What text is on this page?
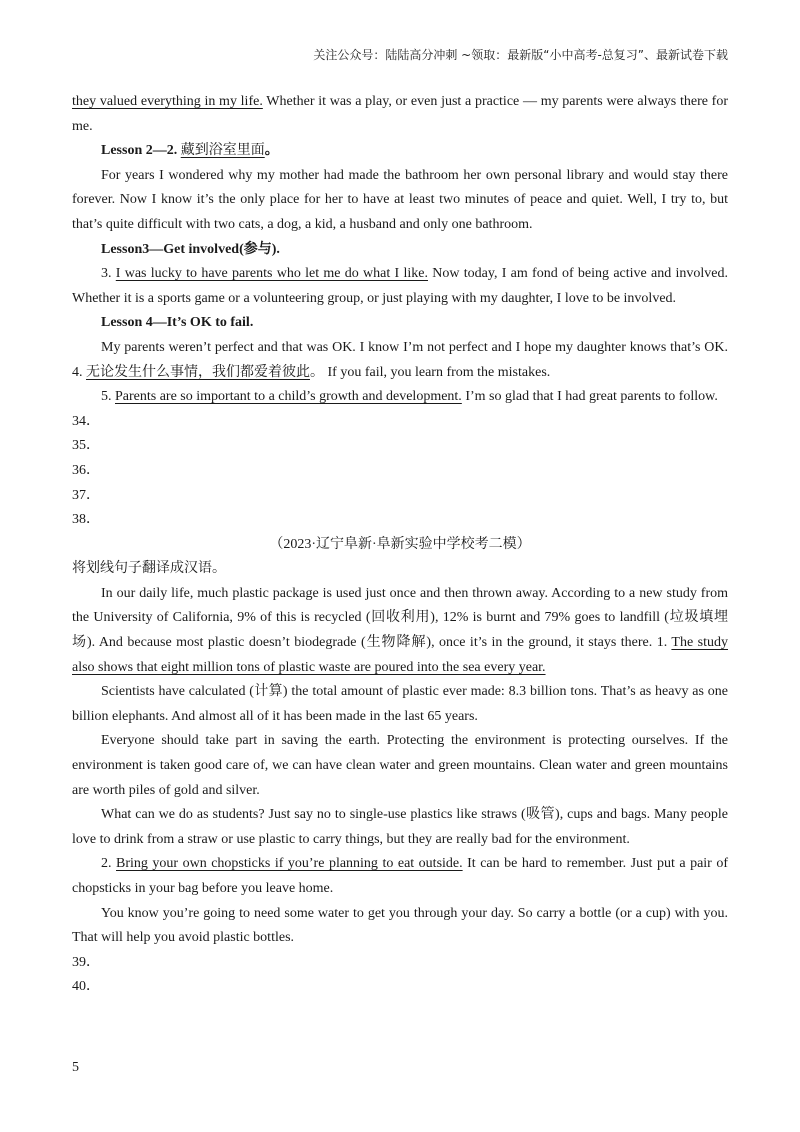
关注公众号：陆陆高分冲刺 ~领取：最新版“小中高考-总复习”、最新试卷下载

they valued everything in my life. Whether it was a play, or even just a practice — my parents were always there for me.

Lesson 2—2. 藏到浴室里面。

For years I wondered why my mother had made the bathroom her own personal library and would stay there forever. Now I know it’s the only place for her to have at least two minutes of peace and quiet. Well, I try to, but that’s quite difficult with two cats, a dog, a kid, a husband and only one bathroom.

Lesson3—Get involved(参与).

3. I was lucky to have parents who let me do what I like. Now today, I am fond of being active and involved. Whether it is a sports game or a volunteering group, or just playing with my daughter, I love to be involved.

Lesson 4—It’s OK to fail.

My parents weren’t perfect and that was OK. I know I’m not perfect and I hope my daughter knows that’s OK. 4. 无论发生什么事情，我们都爱着彼此。 If you fail, you learn from the mistakes.

5. Parents are so important to a child’s growth and development. I’m so glad that I had great parents to follow.

34．

35．

36．

37．

38．

（2023·辽宁阜新·阜新实验中学校考二模）

将划线句子翻译成汉语。

In our daily life, much plastic package is used just once and then thrown away. According to a new study from the University of California, 9% of this is recycled (回收利用), 12% is burnt and 79% goes to landfill (垃圾填埋场). And because most plastic doesn’t biodegrade (生物降解), once it’s in the ground, it stays there. 1. The study also shows that eight million tons of plastic waste are poured into the sea every year.

Scientists have calculated (计算) the total amount of plastic ever made: 8.3 billion tons. That’s as heavy as one billion elephants. And almost all of it has been made in the last 65 years.

Everyone should take part in saving the earth. Protecting the environment is protecting ourselves. If the environment is taken good care of, we can have clean water and green mountains. Clean water and green mountains are worth piles of gold and silver.

What can we do as students? Just say no to single-use plastics like straws (吸管), cups and bags. Many people love to drink from a straw or use plastic to carry things, but they are really bad for the environment.

2. Bring your own chopsticks if you’re planning to eat outside. It can be hard to remember. Just put a pair of chopsticks in your bag before you leave home.

You know you’re going to need some water to get you through your day. So carry a bottle (or a cup) with you. That will help you avoid plastic bottles.

39．

40．

5
